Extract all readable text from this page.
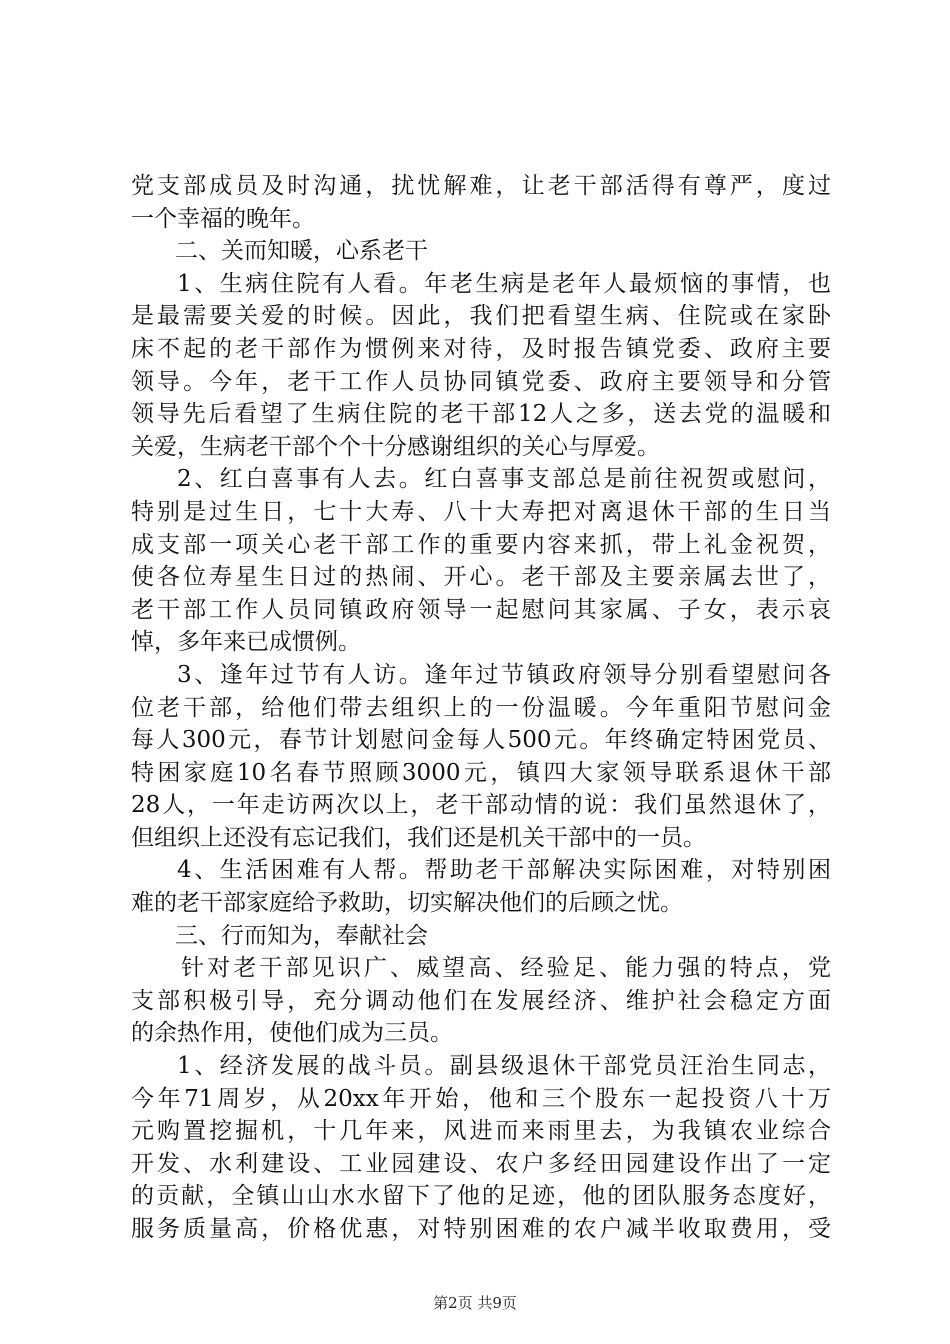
党支部成员及时沟通，扰忧解难，让老干部活得有尊严，度过
一个幸福的晚年。
二、关而知暖，心系老干
1、生病住院有人看。年老生病是老年人最烦恼的事情，也
是最需要关爱的时候。因此，我们把看望生病、住院或在家卧
床不起的老干部作为惯例来对待，及时报告镇党委、政府主要
领导。今年，老干工作人员协同镇党委、政府主要领导和分管
领导先后看望了生病住院的老干部12人之多，送去党的温暖和
关爱，生病老干部个个十分感谢组织的关心与厚爱。
2、红白喜事有人去。红白喜事支部总是前往祝贺或慰问，
特别是过生日，七十大寿、八十大寿把对离退休干部的生日当
成支部一项关心老干部工作的重要内容来抓，带上礼金祝贺，
使各位寿星生日过的热闹、开心。老干部及主要亲属去世了，
老干部工作人员同镇政府领导一起慰问其家属、子女，表示哀
悼，多年来已成惯例。
3、逢年过节有人访。逢年过节镇政府领导分别看望慰问各
位老干部，给他们带去组织上的一份温暖。今年重阳节慰问金
每人300元，春节计划慰问金每人500元。年终确定特困党员、
特困家庭10名春节照顾3000元，镇四大家领导联系退休干部
28人，一年走访两次以上，老干部动情的说：我们虽然退休了，
但组织上还没有忘记我们，我们还是机关干部中的一员。
4、生活困难有人帮。帮助老干部解决实际困难，对特别困
难的老干部家庭给予救助，切实解决他们的后顾之忧。
三、行而知为，奉献社会
针对老干部见识广、威望高、经验足、能力强的特点，党
支部积极引导，充分调动他们在发展经济、维护社会稳定方面
的余热作用，使他们成为三员。
1、经济发展的战斗员。副县级退休干部党员汪治生同志，
今年71周岁，从20xx年开始，他和三个股东一起投资八十万
元购置挖掘机，十几年来，风进而来雨里去，为我镇农业综合
开发、水利建设、工业园建设、农户多经田园建设作出了一定
的贡献，全镇山山水水留下了他的足迹，他的团队服务态度好，
服务质量高，价格优惠，对特别困难的农户减半收取费用，受
第2页 共9页
